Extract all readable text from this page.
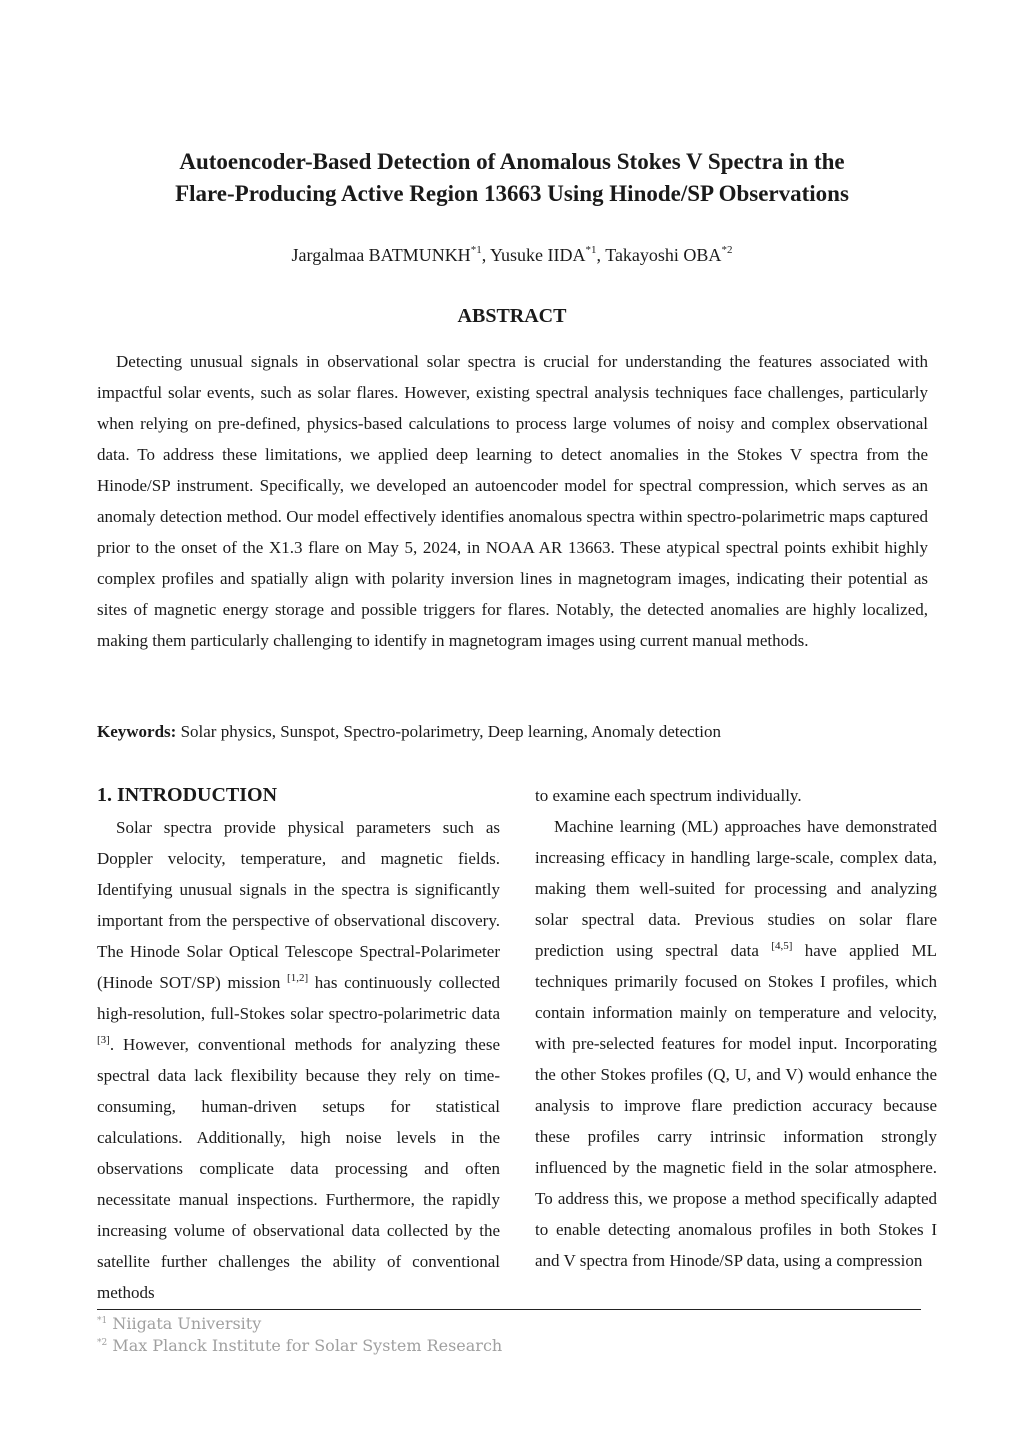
Autoencoder-Based Detection of Anomalous Stokes V Spectra in the
Flare-Producing Active Region 13663 Using Hinode/SP Observations
Jargalmaa BATMUNKH$^{*1}$, Yusuke IIDA$^{*1}$, Takayoshi OBA$^{*2}$
ABSTRACT

Detecting unusual signals in observational solar spectra is crucial for understanding the features associated with impactful solar events, such as solar flares. However, existing spectral analysis techniques face challenges, particularly when relying on pre-defined, physics-based calculations to process large volumes of noisy and complex observational data. To address these limitations, we applied deep learning to detect anomalies in the Stokes V spectra from the Hinode/SP instrument. Specifically, we developed an autoencoder model for spectral compression, which serves as an anomaly detection method. Our model effectively identifies anomalous spectra within spectro-polarimetric maps captured prior to the onset of the X1.3 flare on May 5, 2024, in NOAA AR 13663. These atypical spectral points exhibit highly complex profiles and spatially align with polarity inversion lines in magnetogram images, indicating their potential as sites of magnetic energy storage and possible triggers for flares. Notably, the detected anomalies are highly localized, making them particularly challenging to identify in magnetogram images using current manual methods.

Keywords: Solar physics, Sunspot, Spectro-polarimetry, Deep learning, Anomaly detection

1. INTRODUCTION

Solar spectra provide physical parameters such as Doppler velocity, temperature, and magnetic fields. Identifying unusual signals in the spectra is significantly important from the perspective of observational discovery. The Hinode Solar Optical Telescope Spectral-Polarimeter (Hinode SOT/SP) mission [1,2] has continuously collected high-resolution, full-Stokes solar spectro-polarimetric data [3]. However, conventional methods for analyzing these spectral data lack flexibility because they rely on time-consuming, human-driven setups for statistical calculations. Additionally, high noise levels in the observations complicate data processing and often necessitate manual inspections. Furthermore, the rapidly increasing volume of observational data collected by the satellite further challenges the ability of conventional methods

to examine each spectrum individually.

Machine learning (ML) approaches have demonstrated increasing efficacy in handling large-scale, complex data, making them well-suited for processing and analyzing solar spectral data. Previous studies on solar flare prediction using spectral data [4,5] have applied ML techniques primarily focused on Stokes I profiles, which contain information mainly on temperature and velocity, with pre-selected features for model input. Incorporating the other Stokes profiles (Q, U, and V) would enhance the analysis to improve flare prediction accuracy because these profiles carry intrinsic information strongly influenced by the magnetic field in the solar atmosphere. To address this, we propose a method specifically adapted to enable detecting anomalous profiles in both Stokes I and V spectra from Hinode/SP data, using a compression

$^{*1}$ Niigata University
$^{*2}$ Max Planck Institute for Solar System Research
